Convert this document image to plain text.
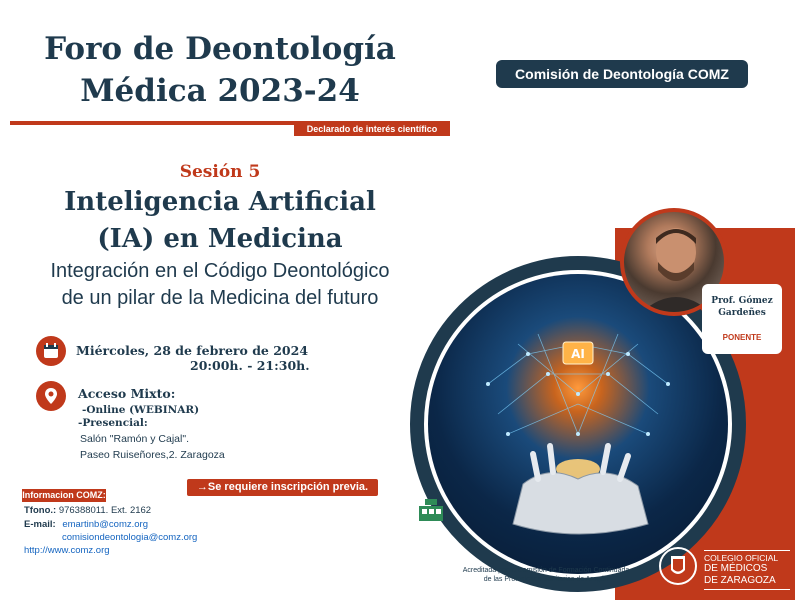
Foro de Deontología
Médica 2023-24
Declarado de interés científico
Comisión de Deontología COMZ
Sesión 5
Inteligencia Artificial
(IA) en Medicina
Integración en el Código Deontológico
de un pilar de la Medicina del futuro
Miércoles, 28 de febrero de 2024
20:00h. - 21:30h.
Acceso Mixto:
-Online (WEBINAR)
-Presencial:
Salón "Ramón y Cajal".
Paseo Ruiseñores,2. Zaragoza
→Se requiere inscripción previa.
Informacion COMZ:
Tfono.: 976388011. Ext. 2162
E-mail: emartinb@comz.org
comisiondeontologia@comz.org
http://www.comz.org
AI
Prof. Gómez
Gardeñes
PONENTE
Acreditada por la Comisión de Formación Continuada
de las Profesiones Sanitarias de Aragón
COLEGIO OFICIAL
DE MÉDICOS
DE ZARAGOZA
